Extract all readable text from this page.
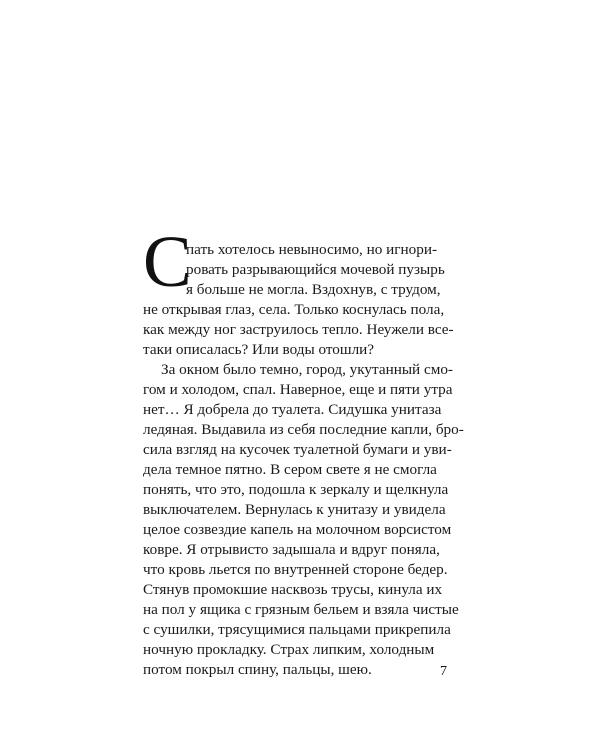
С
пать хотелось невыносимо, но игнори-
ровать разрывающийся мочевой пузырь
я больше не могла. Вздохнув, с трудом,
не открывая глаз, села. Только коснулась пола,
как между ног заструилось тепло. Неужели все-
таки описалась? Или воды отошли?
За окном было темно, город, укутанный смо-
гом и холодом, спал. Наверное, еще и пяти утра
нет… Я добрела до туалета. Сидушка унитаза
ледяная. Выдавила из себя последние капли, бро-
сила взгляд на кусочек туалетной бумаги и уви-
дела темное пятно. В сером свете я не смогла
понять, что это, подошла к зеркалу и щелкнула
выключателем. Вернулась к унитазу и увидела
целое созвездие капель на молочном ворсистом
ковре. Я отрывисто задышала и вдруг поняла,
что кровь льется по внутренней стороне бедер.
Стянув промокшие насквозь трусы, кинула их
на пол у ящика с грязным бельем и взяла чистые
с сушилки, трясущимися пальцами прикрепила
ночную прокладку. Страх липким, холодным
потом покрыл спину, пальцы, шею.	7
